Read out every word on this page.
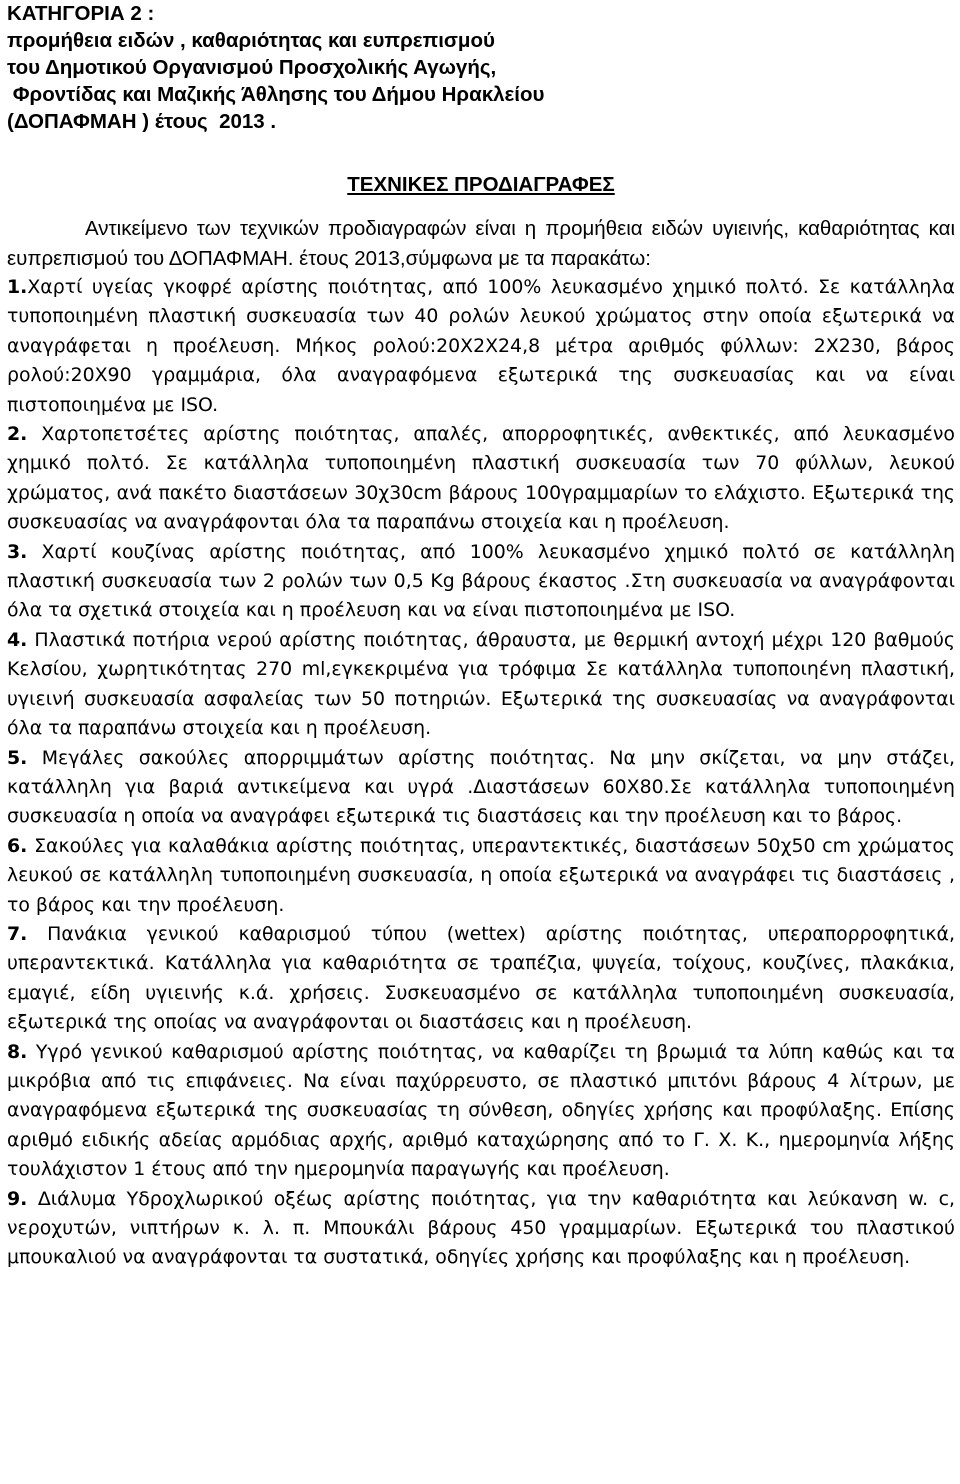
ΚΑΤΗΓΟΡΙΑ 2 :
προμήθεια ειδών , καθαριότητας και ευπρεπισμού
του Δημοτικού Οργανισμού Προσχολικής Αγωγής,
Φροντίδας και Μαζικής Άθλησης του Δήμου Ηρακλείου
(ΔΟΠΑΦΜΑΗ ) έτους  2013 .
ΤΕΧΝΙΚΕΣ ΠΡΟΔΙΑΓΡΑΦΕΣ
Αντικείμενο των τεχνικών προδιαγραφών είναι η προμήθεια ειδών υγιεινής, καθαριότητας και ευπρεπισμού του ΔΟΠΑΦΜΑΗ. έτους 2013,σύμφωνα με τα παρακάτω:

1.Χαρτί υγείας γκοφρέ αρίστης ποιότητας, από 100% λευκασμένο χημικό πολτό. Σε κατάλληλα τυποποιημένη πλαστική συσκευασία των 40 ρολών λευκού χρώματος στην οποία εξωτερικά να αναγράφεται η προέλευση. Μήκος ρολού:20Χ2Χ24,8 μέτρα αριθμός φύλλων: 2Χ230, βάρος ρολού:20Χ90 γραμμάρια, όλα αναγραφόμενα εξωτερικά της συσκευασίας και να είναι πιστοποιημένα με ISO.

2. Χαρτοπετσέτες αρίστης ποιότητας, απαλές, απορροφητικές, ανθεκτικές, από λευκασμένο χημικό πολτό. Σε κατάλληλα τυποποιημένη πλαστική συσκευασία των 70 φύλλων, λευκού χρώματος, ανά πακέτο διαστάσεων 30χ30cm βάρους 100γραμμαρίων το ελάχιστο. Εξωτερικά της συσκευασίας να αναγράφονται όλα τα παραπάνω στοιχεία και η προέλευση.

3. Χαρτί κουζίνας αρίστης ποιότητας, από 100% λευκασμένο χημικό πολτό σε κατάλληλη πλαστική συσκευασία των 2 ρολών των 0,5 Kg βάρους έκαστος .Στη συσκευασία να αναγράφονται όλα τα σχετικά στοιχεία και η προέλευση και να είναι πιστοποιημένα με ISO.

4. Πλαστικά ποτήρια νερού αρίστης ποιότητας, άθραυστα, με θερμική αντοχή μέχρι 120 βαθμούς Κελσίου, χωρητικότητας 270 ml,εγκεκριμένα για τρόφιμα Σε κατάλληλα τυποποιηένη πλαστική, υγιεινή συσκευασία ασφαλείας των 50 ποτηριών. Εξωτερικά της συσκευασίας να αναγράφονται όλα τα παραπάνω στοιχεία και η προέλευση.

5. Μεγάλες σακούλες απορριμμάτων αρίστης ποιότητας. Να μην σκίζεται, να μην στάζει, κατάλληλη για βαριά αντικείμενα και υγρά .Διαστάσεων 60Χ80.Σε κατάλληλα τυποποιημένη συσκευασία η οποία να αναγράφει εξωτερικά τις διαστάσεις και την προέλευση και το βάρος.

6. Σακούλες για καλαθάκια αρίστης ποιότητας, υπεραντεκτικές, διαστάσεων 50χ50 cm χρώματος λευκού σε κατάλληλη τυποποιημένη συσκευασία, η οποία εξωτερικά να αναγράφει τις διαστάσεις , το βάρος και την προέλευση.

7. Πανάκια γενικού καθαρισμού τύπου (wettex) αρίστης ποιότητας, υπεραπορροφητικά, υπεραντεκτικά. Κατάλληλα για καθαριότητα σε τραπέζια, ψυγεία, τοίχους, κουζίνες, πλακάκια, εμαγιέ, είδη υγιεινής κ.ά. χρήσεις. Συσκευασμένο σε κατάλληλα τυποποιημένη συσκευασία, εξωτερικά της οποίας να αναγράφονται οι διαστάσεις και η προέλευση.

8. Υγρό γενικού καθαρισμού αρίστης ποιότητας, να καθαρίζει τη βρωμιά τα λύπη καθώς και τα μικρόβια από τις επιφάνειες. Να είναι παχύρρευστο, σε πλαστικό μπιτόνι βάρους 4 λίτρων, με αναγραφόμενα εξωτερικά της συσκευασίας τη σύνθεση, οδηγίες χρήσης και προφύλαξης. Επίσης αριθμό ειδικής αδείας αρμόδιας αρχής, αριθμό καταχώρησης από το Γ. Χ. Κ., ημερομηνία λήξης τουλάχιστον 1 έτους από την ημερομηνία παραγωγής και προέλευση.

9. Διάλυμα Υδροχλωρικού οξέως αρίστης ποιότητας, για την καθαριότητα και λεύκανση w. c, νεροχυτών, νιπτήρων κ. λ. π. Μπουκάλι βάρους 450 γραμμαρίων. Εξωτερικά του πλαστικού μπουκαλιού να αναγράφονται τα συστατικά, οδηγίες χρήσης και προφύλαξης και η προέλευση.
